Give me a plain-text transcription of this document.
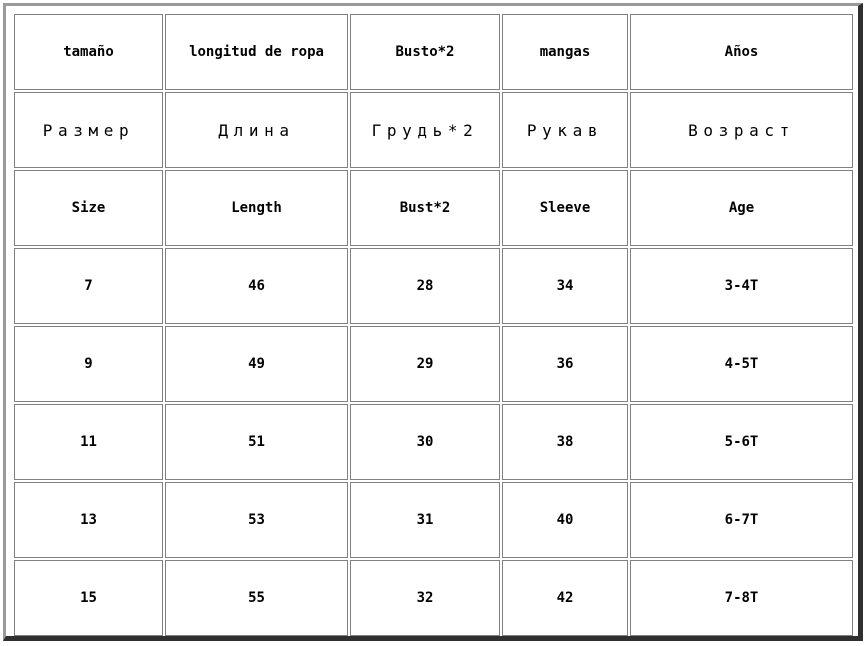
tamaño	longitud de ropa	Busto*2	mangas	Años
Размер	Длина	Грудь*2	Рукав	Возраст
Size	Length	Bust*2	Sleeve	Age
7	46	28	34	3-4T
9	49	29	36	4-5T
11	51	30	38	5-6T
13	53	31	40	6-7T
15	55	32	42	7-8T
